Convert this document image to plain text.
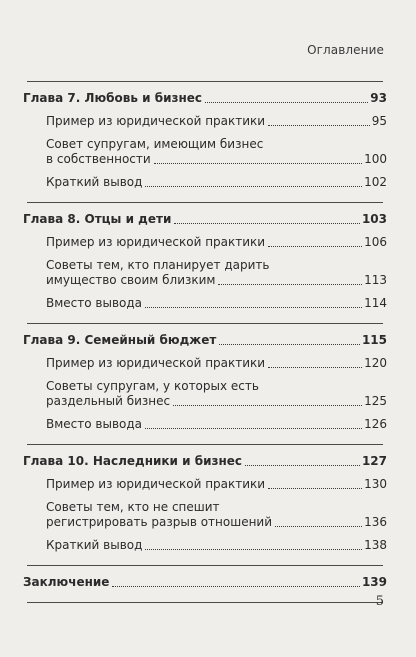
Оглавление
Глава 7. Любовь и бизнес	93
Пример из юридической практики	95
Совет супругам, имеющим бизнес
в собственности	100
Краткий вывод	102
Глава 8. Отцы и дети	103
Пример из юридической практики	106
Советы тем, кто планирует дарить
имущество своим близким	113
Вместо вывода	114
Глава 9. Семейный бюджет	115
Пример из юридической практики	120
Советы супругам, у которых есть
раздельный бизнес	125
Вместо вывода	126
Глава 10. Наследники и бизнес	127
Пример из юридической практики	130
Советы тем, кто не спешит
регистрировать разрыв отношений	136
Краткий вывод	138
Заключение	139
5
